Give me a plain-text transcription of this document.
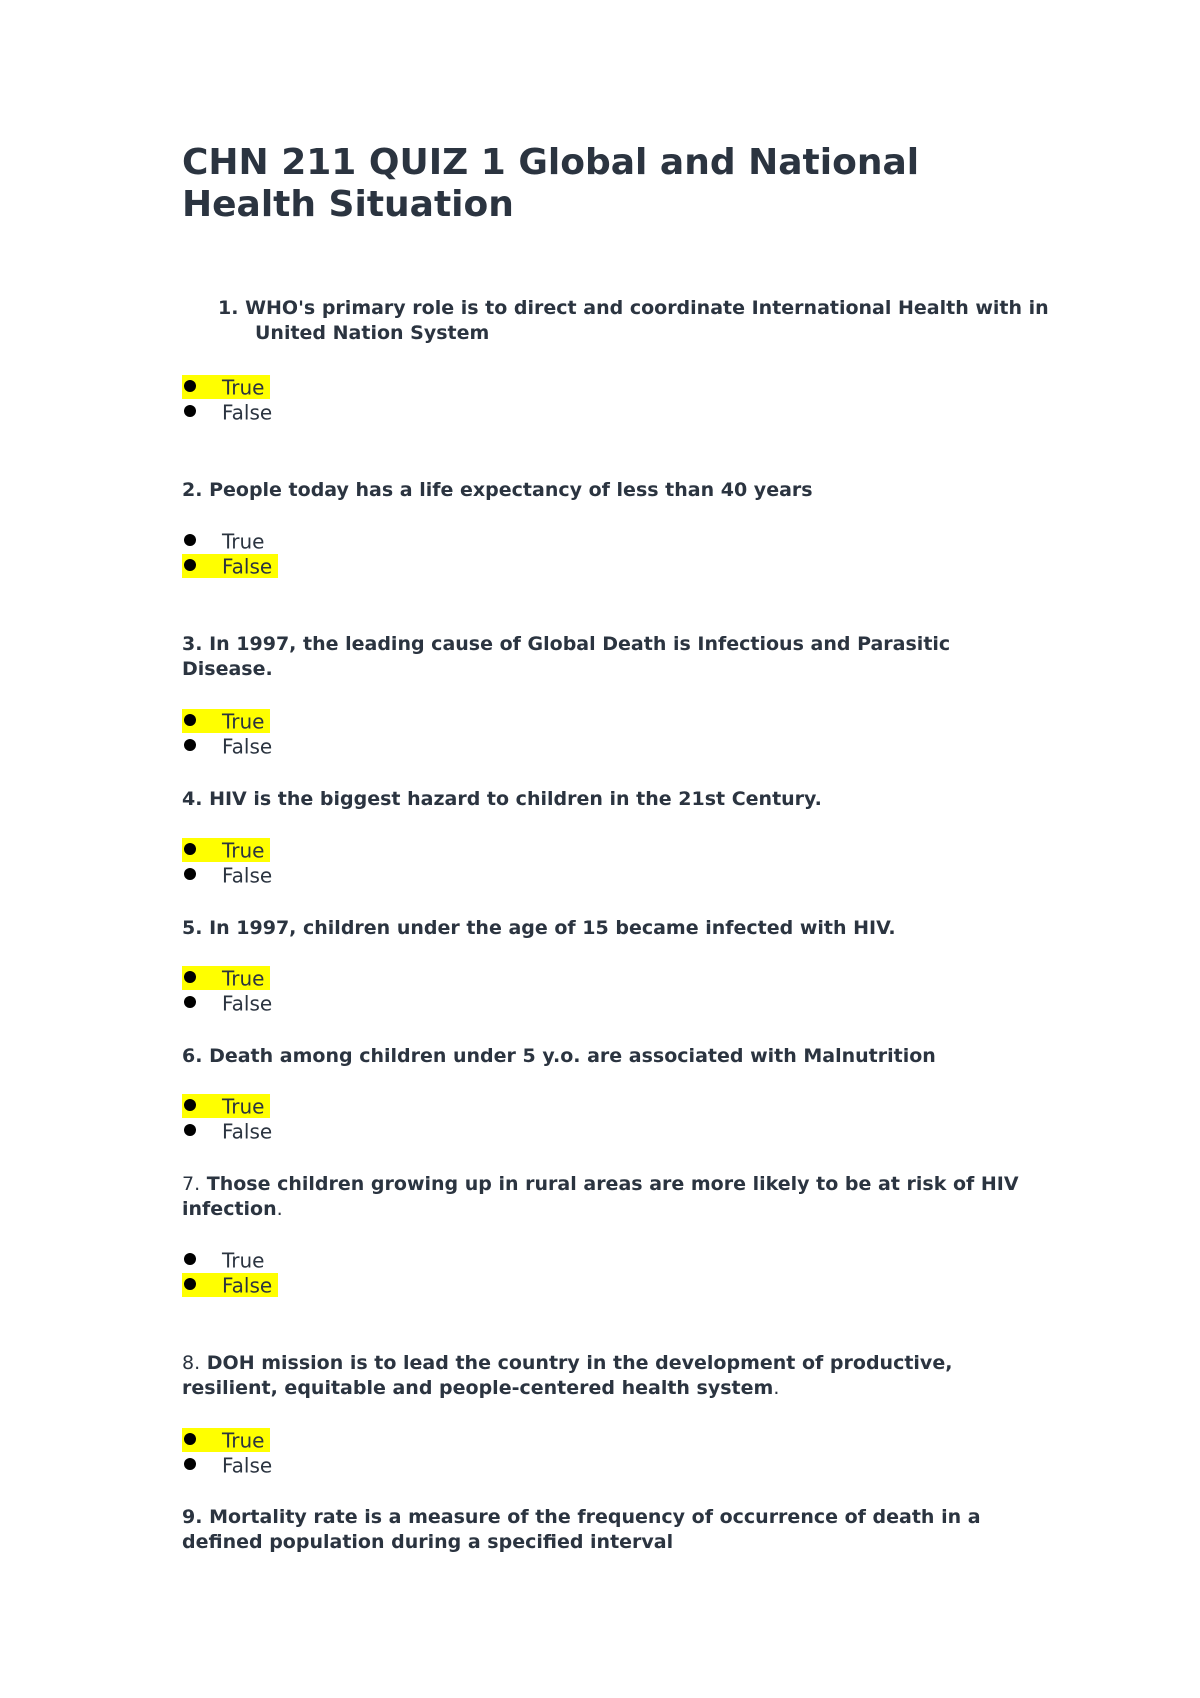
CHN 211 QUIZ 1 Global and National Health Situation

1. WHO's primary role is to direct and coordinate International Health with in United Nation System

True
False

2. People today has a life expectancy of less than 40 years

True
False

3. In 1997, the leading cause of Global Death is Infectious and Parasitic Disease.

True
False

4. HIV is the biggest hazard to children in the 21st Century.

True
False

5. In 1997, children under the age of 15 became infected with HIV.

True
False

6. Death among children under 5 y.o. are associated with Malnutrition

True
False

7. Those children growing up in rural areas are more likely to be at risk of HIV infection.

True
False

8. DOH mission is to lead the country in the development of productive, resilient, equitable and people-centered health system.

True
False

9. Mortality rate is a measure of the frequency of occurrence of death in a defined population during a specified interval
